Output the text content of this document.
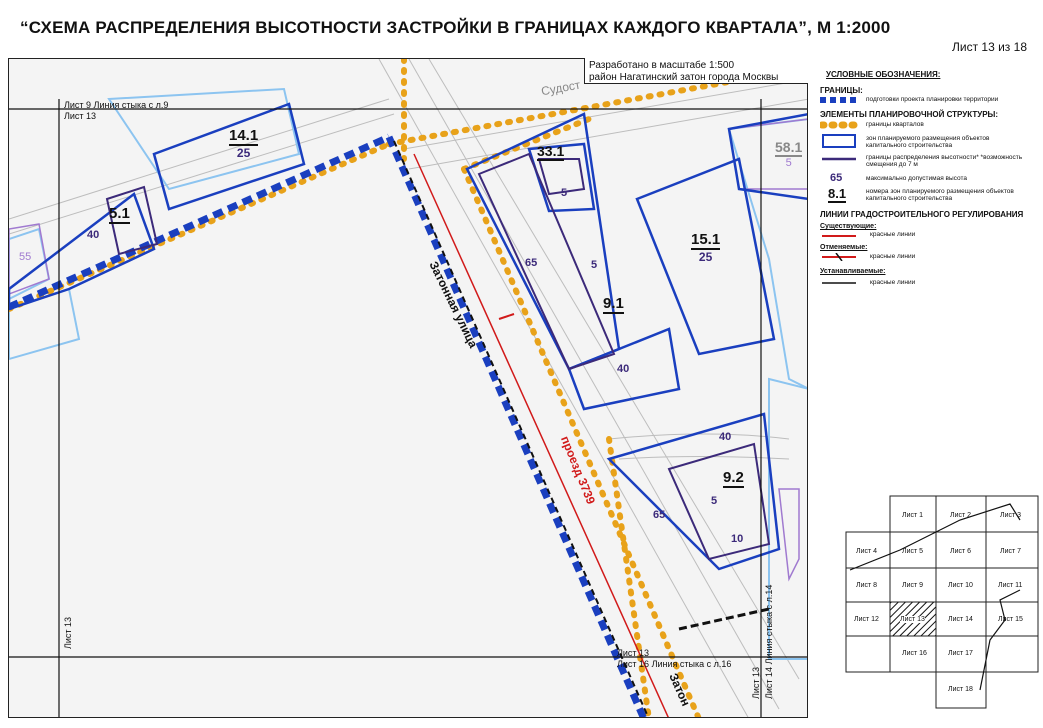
“СХЕМА РАСПРЕДЕЛЕНИЯ ВЫСОТНОСТИ ЗАСТРОЙКИ В ГРАНИЦАХ КАЖДОГО КВАРТАЛА”, М 1:2000
Лист 13 из 18
Лист 9 Линия стыка с л.9
Лист 13
Лист 16 Линия стыка с л.16
Лист 13
Лист 13	Лист 14 Линия стыка с л.14
Лист 13
Судост
Затонная улица
проезд 3739
Затон
14.1
25
5.1
40
55
33.1
5
58.1
5
15.1
25
9.1
5
65
40
40
9.2
5
65
10
Разработано в масштабе 1:500
район Нагатинский затон города Москвы	УСЛОВНЫЕ ОБОЗНАЧЕНИЯ:
ГРАНИЦЫ:
подготовки проекта планировки территории
ЭЛЕМЕНТЫ ПЛАНИРОВОЧНОЙ СТРУКТУРЫ:
границы кварталов
зон планируемого размещения объектов капитального строительства
границы распределения высотности* *возможность смещения до 7 м
65	максимально допустимая высота
8.1	номера зон планируемого размещения объектов капитального строительства
ЛИНИИ ГРАДОСТРОИТЕЛЬНОГО РЕГУЛИРОВАНИЯ
Существующие:
красные линии
Отменяемые:
красные линии
Устанавливаемые:
красные линии
Лист 1	Лист 2	Лист 3
Лист 4	Лист 5	Лист 6	Лист 7
Лист 8	Лист 9	Лист 10	Лист 11
Лист 12	Лист 13	Лист 14	Лист 15
Лист 16	Лист 17
Лист 18
